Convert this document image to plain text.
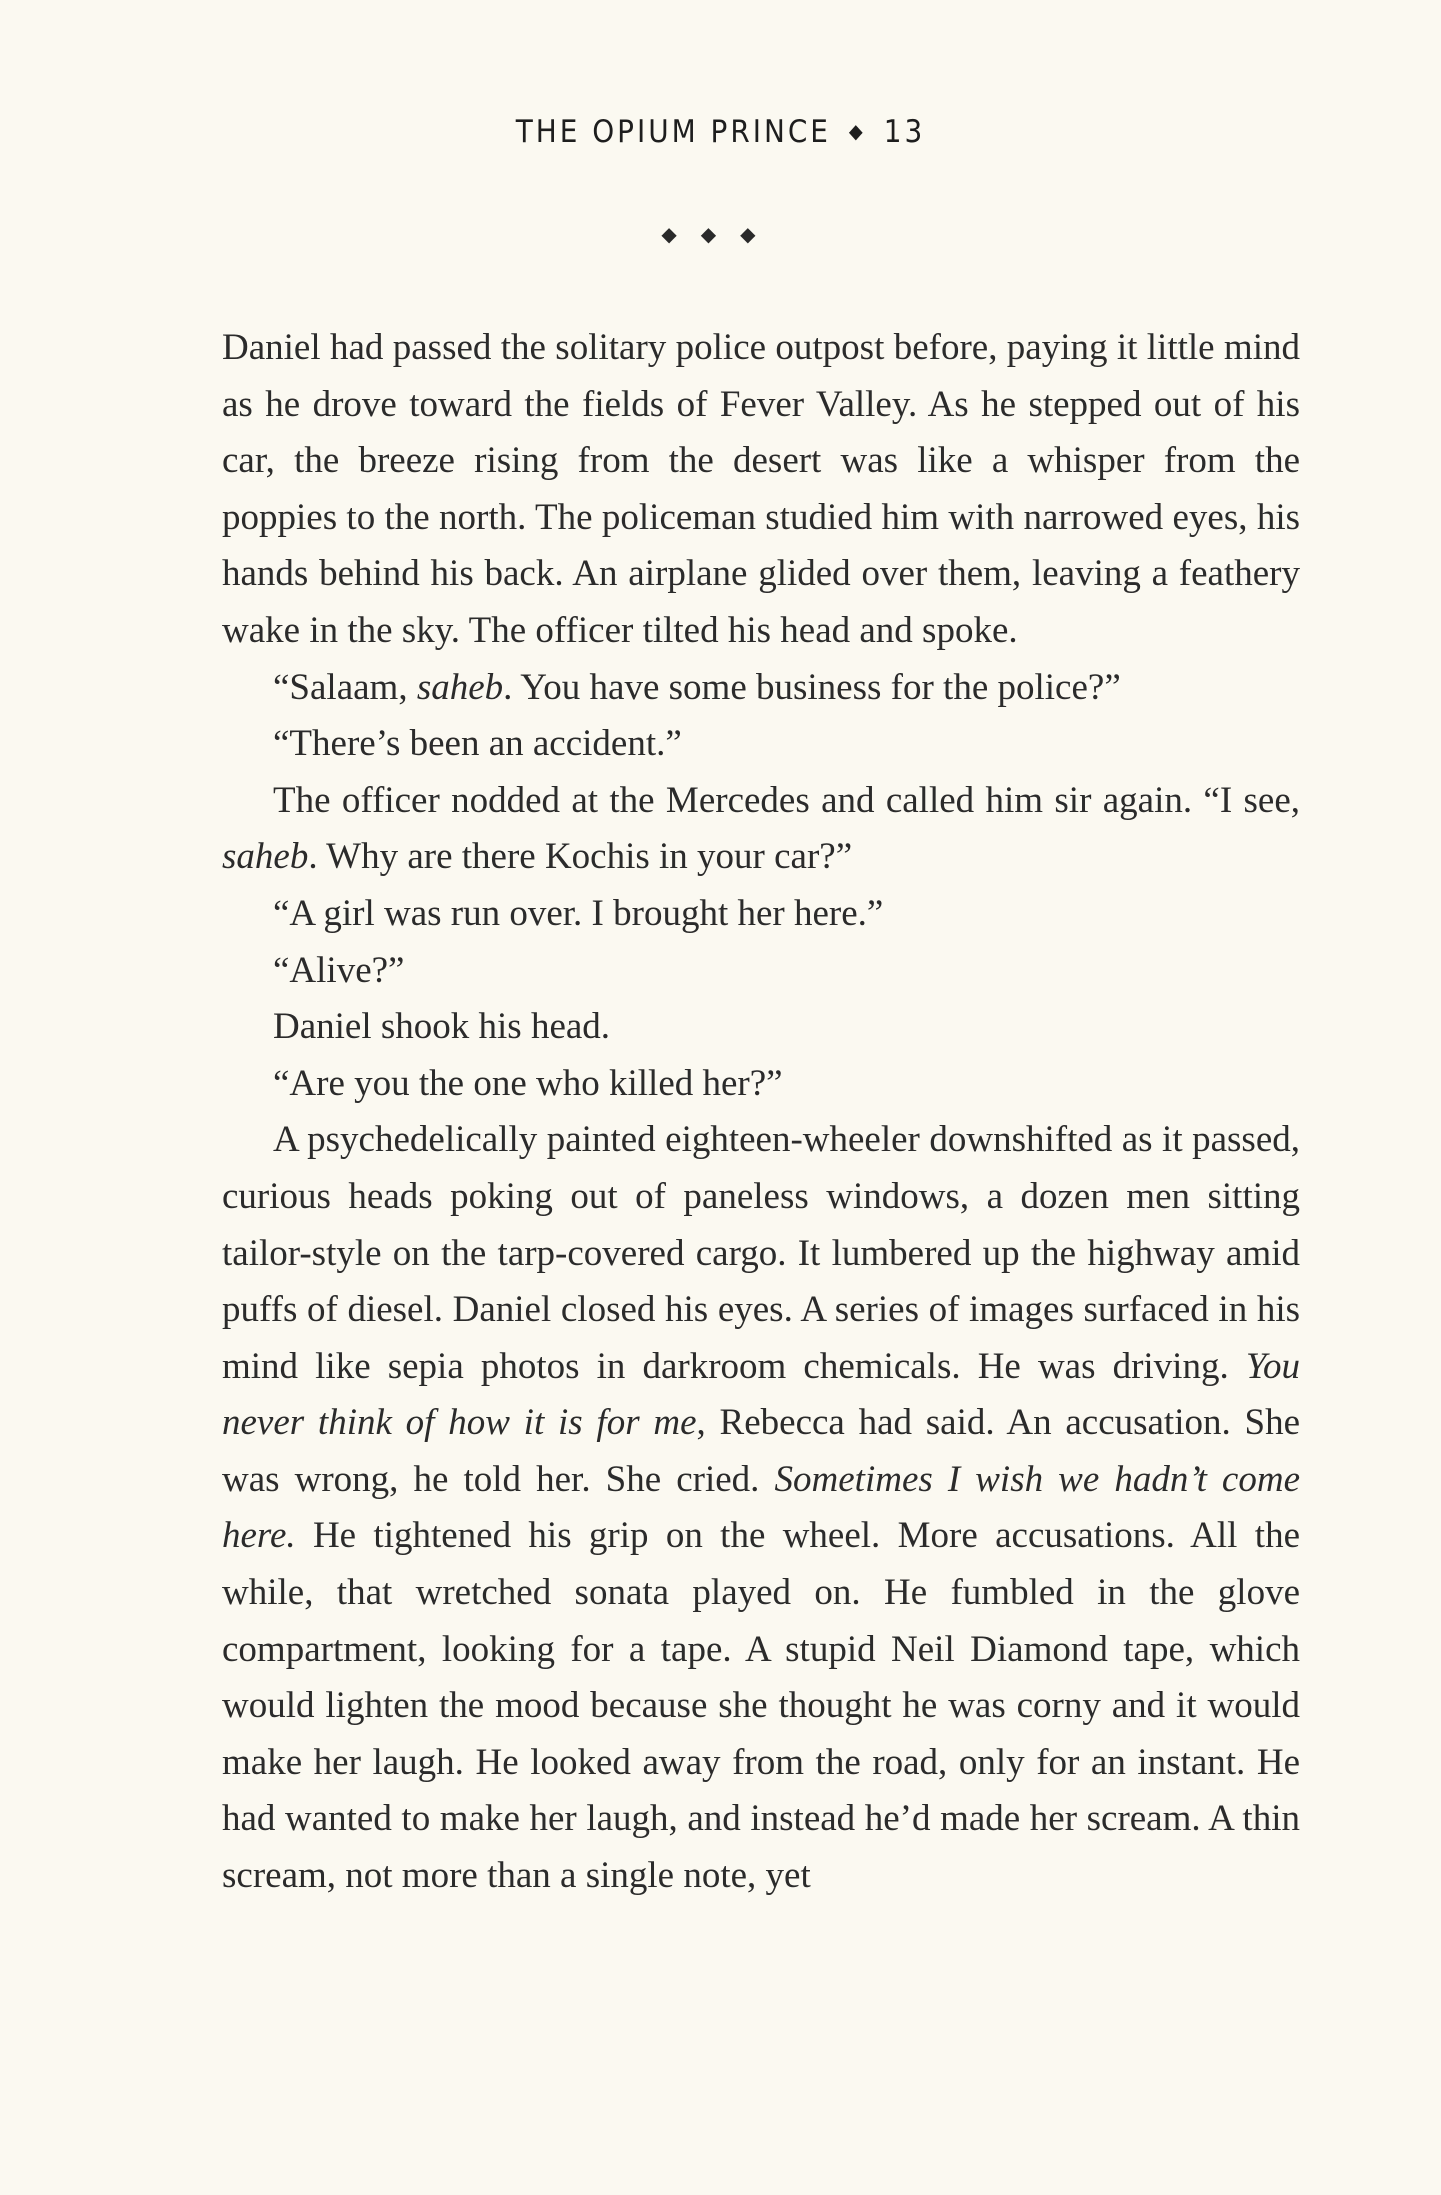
THE OPIUM PRINCE ◆ 13
◆◆◆

Daniel had passed the solitary police outpost before, paying it little mind as he drove toward the fields of Fever Valley. As he stepped out of his car, the breeze rising from the desert was like a whisper from the poppies to the north. The policeman studied him with narrowed eyes, his hands behind his back. An airplane glided over them, leaving a feathery wake in the sky. The officer tilted his head and spoke.

“Salaam, saheb. You have some business for the police?”

“There’s been an accident.”

The officer nodded at the Mercedes and called him sir again. “I see, saheb. Why are there Kochis in your car?”

“A girl was run over. I brought her here.”

“Alive?”

Daniel shook his head.

“Are you the one who killed her?”

A psychedelically painted eighteen-wheeler downshifted as it passed, curious heads poking out of paneless windows, a dozen men sitting tailor-style on the tarp-covered cargo. It lumbered up the highway amid puffs of diesel. Daniel closed his eyes. A series of images surfaced in his mind like sepia photos in darkroom chemicals. He was driving. You never think of how it is for me, Rebecca had said. An accusation. She was wrong, he told her. She cried. Sometimes I wish we hadn’t come here. He tightened his grip on the wheel. More accusations. All the while, that wretched sonata played on. He fumbled in the glove compartment, looking for a tape. A stupid Neil Diamond tape, which would lighten the mood because she thought he was corny and it would make her laugh. He looked away from the road, only for an instant. He had wanted to make her laugh, and instead he’d made her scream. A thin scream, not more than a single note, yet
